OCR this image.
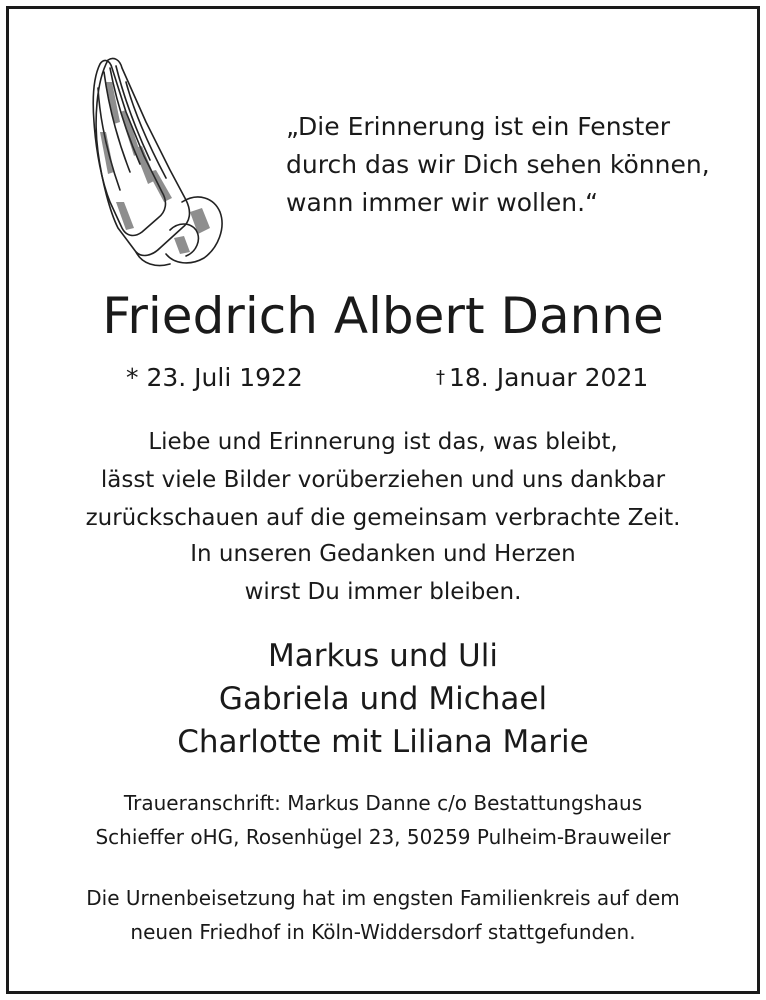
„Die Erinnerung ist ein Fenster
durch das wir Dich sehen können,
wann immer wir wollen.“
Friedrich Albert Danne
* 23. Juli 1922	† 18. Januar 2021
Liebe und Erinnerung ist das, was bleibt,
lässt viele Bilder vorüberziehen und uns dankbar
zurückschauen auf die gemeinsam verbrachte Zeit.
In unseren Gedanken und Herzen
wirst Du immer bleiben.
Markus und Uli
Gabriela und Michael
Charlotte mit Liliana Marie
Traueranschrift: Markus Danne c/o Bestattungshaus
Schieffer oHG, Rosenhügel 23, 50259 Pulheim-Brauweiler
Die Urnenbeisetzung hat im engsten Familienkreis auf dem
neuen Friedhof in Köln-Widdersdorf stattgefunden.
